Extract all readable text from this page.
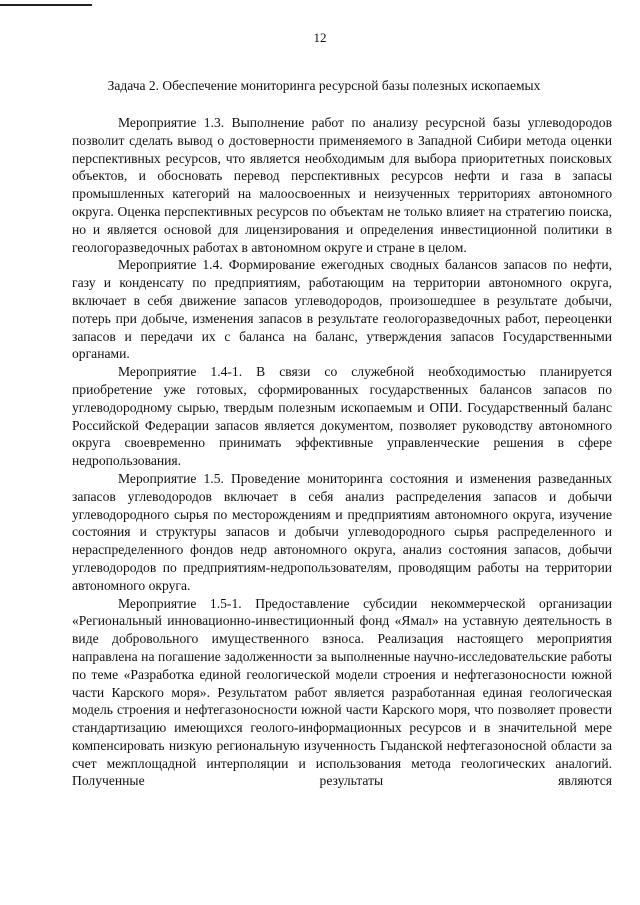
12
Задача 2. Обеспечение мониторинга ресурсной базы полезных ископаемых

Мероприятие 1.3. Выполнение работ по анализу ресурсной базы углеводородов позволит сделать вывод о достоверности применяемого в Западной Сибири метода оценки перспективных ресурсов, что является необходимым для выбора приоритетных поисковых объектов, и обосновать перевод перспективных ресурсов нефти и газа в запасы промышленных категорий на малоосвоенных и неизученных территориях автономного округа. Оценка перспективных ресурсов по объектам не только влияет на стратегию поиска, но и является основой для лицензирования и определения инвестиционной политики в геологоразведочных работах в автономном округе и стране в целом.

Мероприятие 1.4. Формирование ежегодных сводных балансов запасов по нефти, газу и конденсату по предприятиям, работающим на территории автономного округа, включает в себя движение запасов углеводородов, произошедшее в результате добычи, потерь при добыче, изменения запасов в результате геологоразведочных работ, переоценки запасов и передачи их с баланса на баланс, утверждения запасов Государственными органами.

Мероприятие 1.4-1. В связи со служебной необходимостью планируется приобретение уже готовых, сформированных государственных балансов запасов по углеводородному сырью, твердым полезным ископаемым и ОПИ. Государственный баланс Российской Федерации запасов является документом, позволяет руководству автономного округа своевременно принимать эффективные управленческие решения в сфере недропользования.

Мероприятие 1.5. Проведение мониторинга состояния и изменения разведанных запасов углеводородов включает в себя анализ распределения запасов и добычи углеводородного сырья по месторождениям и предприятиям автономного округа, изучение состояния и структуры запасов и добычи углеводородного сырья распределенного и нераспределенного фондов недр автономного округа, анализ состояния запасов, добычи углеводородов по предприятиям-недропользователям, проводящим работы на территории автономного округа.

Мероприятие 1.5-1. Предоставление субсидии некоммерческой организации «Региональный инновационно-инвестиционный фонд «Ямал» на уставную деятельность в виде добровольного имущественного взноса. Реализация настоящего мероприятия направлена на погашение задолженности за выполненные научно-исследовательские работы по теме «Разработка единой геологической модели строения и нефтегазоносности южной части Карского моря». Результатом работ является разработанная единая геологическая модель строения и нефтегазоносности южной части Карского моря, что позволяет провести стандартизацию имеющихся геолого-информационных ресурсов и в значительной мере компенсировать низкую региональную изученность Гыданской нефтегазоносной области за счет межплощадной интерполяции и использования метода геологических аналогий. Полученные результаты являются
